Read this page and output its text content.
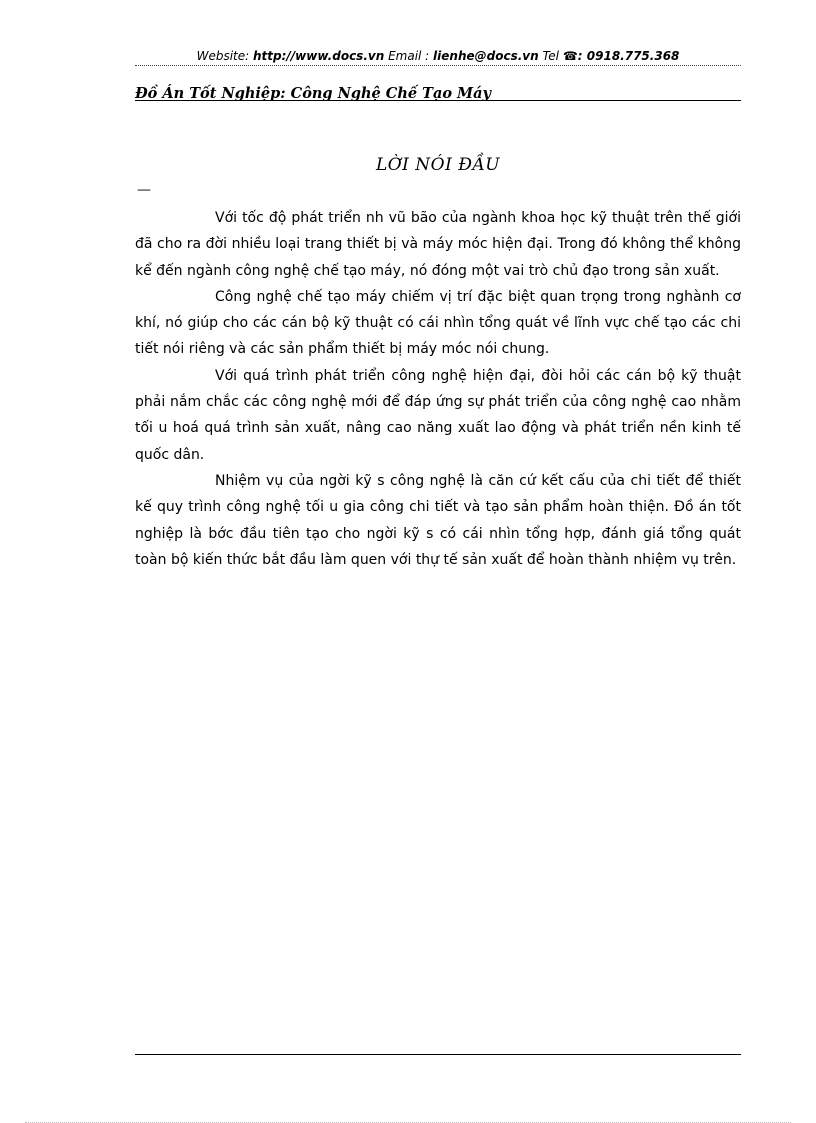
Website: http://www.docs.vn Email : lienhe@docs.vn Tel ☎: 0918.775.368
Đồ Án Tốt Nghiệp: Công Nghệ Chế Tạo Máy
LỜI NÓI ĐẦU
—

Với tốc độ phát triển nh vũ bão của ngành khoa học kỹ thuật trên thế giới đã cho ra đời nhiều loại trang thiết bị và máy móc hiện đại. Trong đó không thể không kể đến ngành công nghệ chế tạo máy, nó đóng một vai trò chủ đạo trong sản xuất.

Công nghệ chế tạo máy chiếm vị trí đặc biệt quan trọng trong nghành cơ khí, nó giúp cho các cán bộ kỹ thuật có cái nhìn tổng quát về lĩnh vực chế tạo các chi tiết nói riêng và các sản phẩm thiết bị máy móc nói chung.

Với quá trình phát triển công nghệ hiện đại, đòi hỏi các cán bộ kỹ thuật phải nắm chắc các công nghệ mới để đáp ứng sự phát triển của công nghệ cao nhằm tối u hoá quá trình sản xuất, nâng cao năng xuất lao động và phát triển nền kinh tế quốc dân.

Nhiệm vụ của ngời kỹ s công nghệ là căn cứ kết cấu của chi tiết để thiết kế quy trình công nghệ tối u gia công chi tiết và tạo sản phẩm hoàn thiện. Đồ án tốt nghiệp là bớc đầu tiên tạo cho ngời kỹ s có cái nhìn tổng hợp, đánh giá tổng quát toàn bộ kiến thức bắt đầu làm quen với thự tế sản xuất để hoàn thành nhiệm vụ trên.
